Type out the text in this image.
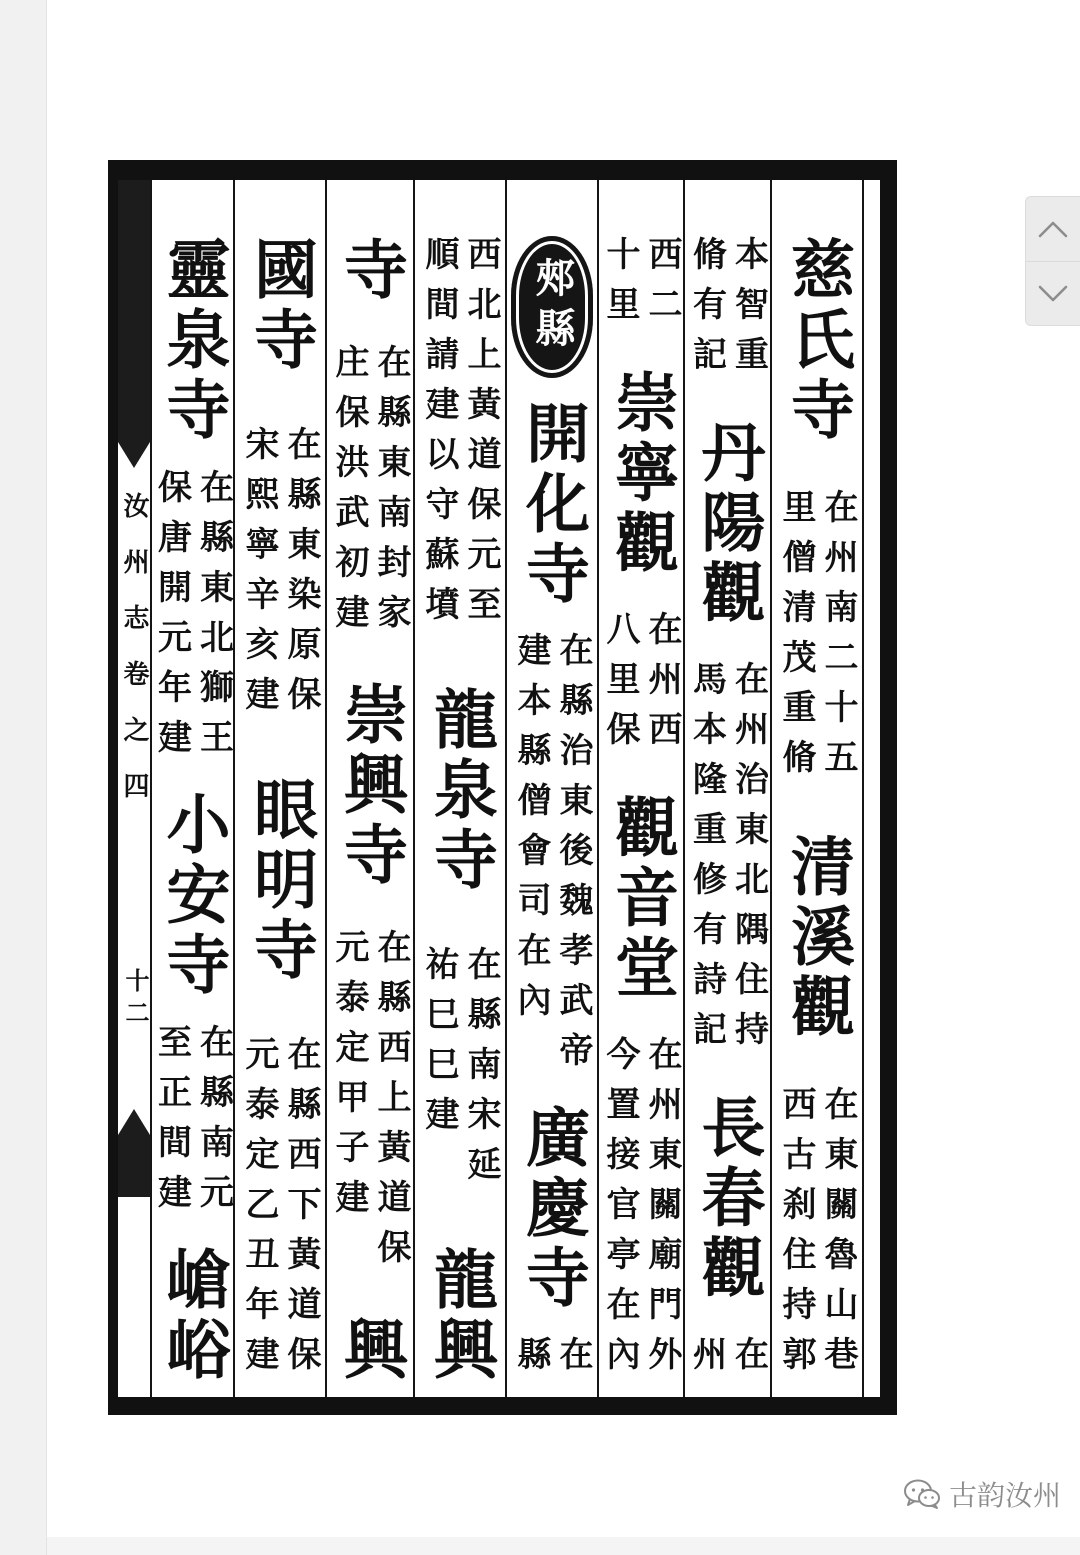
汝州志卷之四
十二
慈氏寺
在州南二十五
里僧清茂重脩
清溪觀
在東關魯山巷
西古刹住持郭
本智重
脩有記
丹陽觀
在州治東北隅住持
馬本隆重修有詩記
長春觀
在
州
西二
十里
崇寧觀
在州西
八里保
觀音堂
在州東關廟門外
今置接官亭在內
郟縣
開化寺
在縣治東後魏孝武帝
建本縣僧會司在內
廣慶寺
在
縣
西北上黃道保元至
順間請建以守蘇墳
龍泉寺
在縣南宋延
祐巳巳建
龍興
寺
在縣東南封家
庄保洪武初建
崇興寺
在縣西上黃道保
元泰定甲子建
興
國寺
在縣東染原保
宋熙寧辛亥建
眼明寺
在縣西下黃道保
元泰定乙丑年建
靈泉寺
在縣東北獅王
保唐開元年建
小安寺
在縣南元
至正間建
嵢峪
古韵汝州
